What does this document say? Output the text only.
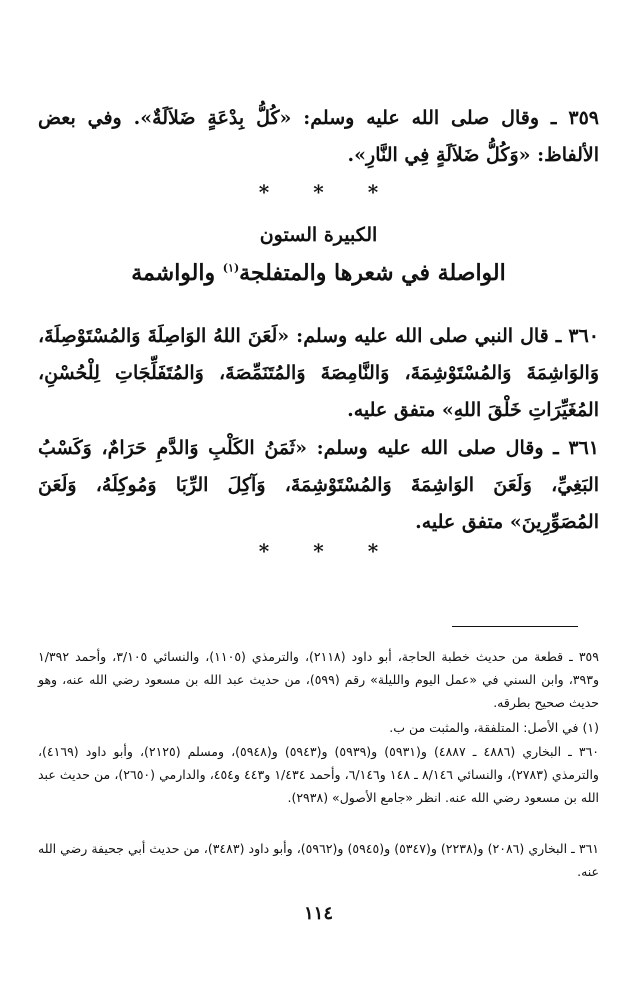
٣٥٩ ـ وقال صلى الله عليه وسلم: «كُلُّ بِدْعَةٍ ضَلاَلَةٌ». وفي بعض الألفاظ: «وَكُلُّ ضَلاَلَةٍ فِي النَّارِ».
* * *
الكبيرة الستون
الواصلة في شعرها والمتفلجة$^{(١)}$ والواشمة
٣٦٠ ـ قال النبي صلى الله عليه وسلم: «لَعَنَ اللهُ الوَاصِلَةَ وَالمُسْتَوْصِلَةَ، وَالوَاشِمَةَ وَالمُسْتَوْشِمَةَ، وَالنَّامِصَةَ وَالمُتَنَمِّصَةَ، وَالمُتَفَلِّجَاتِ لِلْحُسْنِ، المُغَيِّرَاتِ خَلْقَ اللهِ» متفق عليه.
٣٦١ ـ وقال صلى الله عليه وسلم: «ثَمَنُ الكَلْبِ وَالدَّمِ حَرَامٌ، وَكَسْبُ البَغِيِّ، وَلَعَنَ الوَاشِمَةَ وَالمُسْتَوْشِمَةَ، وَآكِلَ الرِّبَا وَمُوكِلَهُ، وَلَعَنَ المُصَوِّرِينَ» متفق عليه.
* * *
٣٥٩ ـ قطعة من حديث خطبة الحاجة، أبو داود (٢١١٨)، والترمذي (١١٠٥)، والنسائي ٣/١٠٥، وأحمد ١/٣٩٢ و٣٩٣، وابن السني في «عمل اليوم والليلة» رقم (٥٩٩)، من حديث عبد الله بن مسعود رضي الله عنه، وهو حديث صحيح بطرقه.
(١) في الأصل: المتلفقة، والمثبت من ب.
٣٦٠ ـ البخاري (٤٨٨٦ ـ ٤٨٨٧) و(٥٩٣١) و(٥٩٣٩) و(٥٩٤٣) و(٥٩٤٨)، ومسلم (٢١٢٥)، وأبو داود (٤١٦٩)، والترمذي (٢٧٨٣)، والنسائي ٨/١٤٦ ـ ١٤٨ و٦/١٤٦، وأحمد ١/٤٣٤ و٤٤٣ و٤٥٤، والدارمي (٢٦٥٠)، من حديث عبد الله بن مسعود رضي الله عنه. انظر «جامع الأصول» (٢٩٣٨).
٣٦١ ـ البخاري (٢٠٨٦) و(٢٢٣٨) و(٥٣٤٧) و(٥٩٤٥) و(٥٩٦٢)، وأبو داود (٣٤٨٣)، من حديث أبي جحيفة رضي الله عنه.
١١٤
